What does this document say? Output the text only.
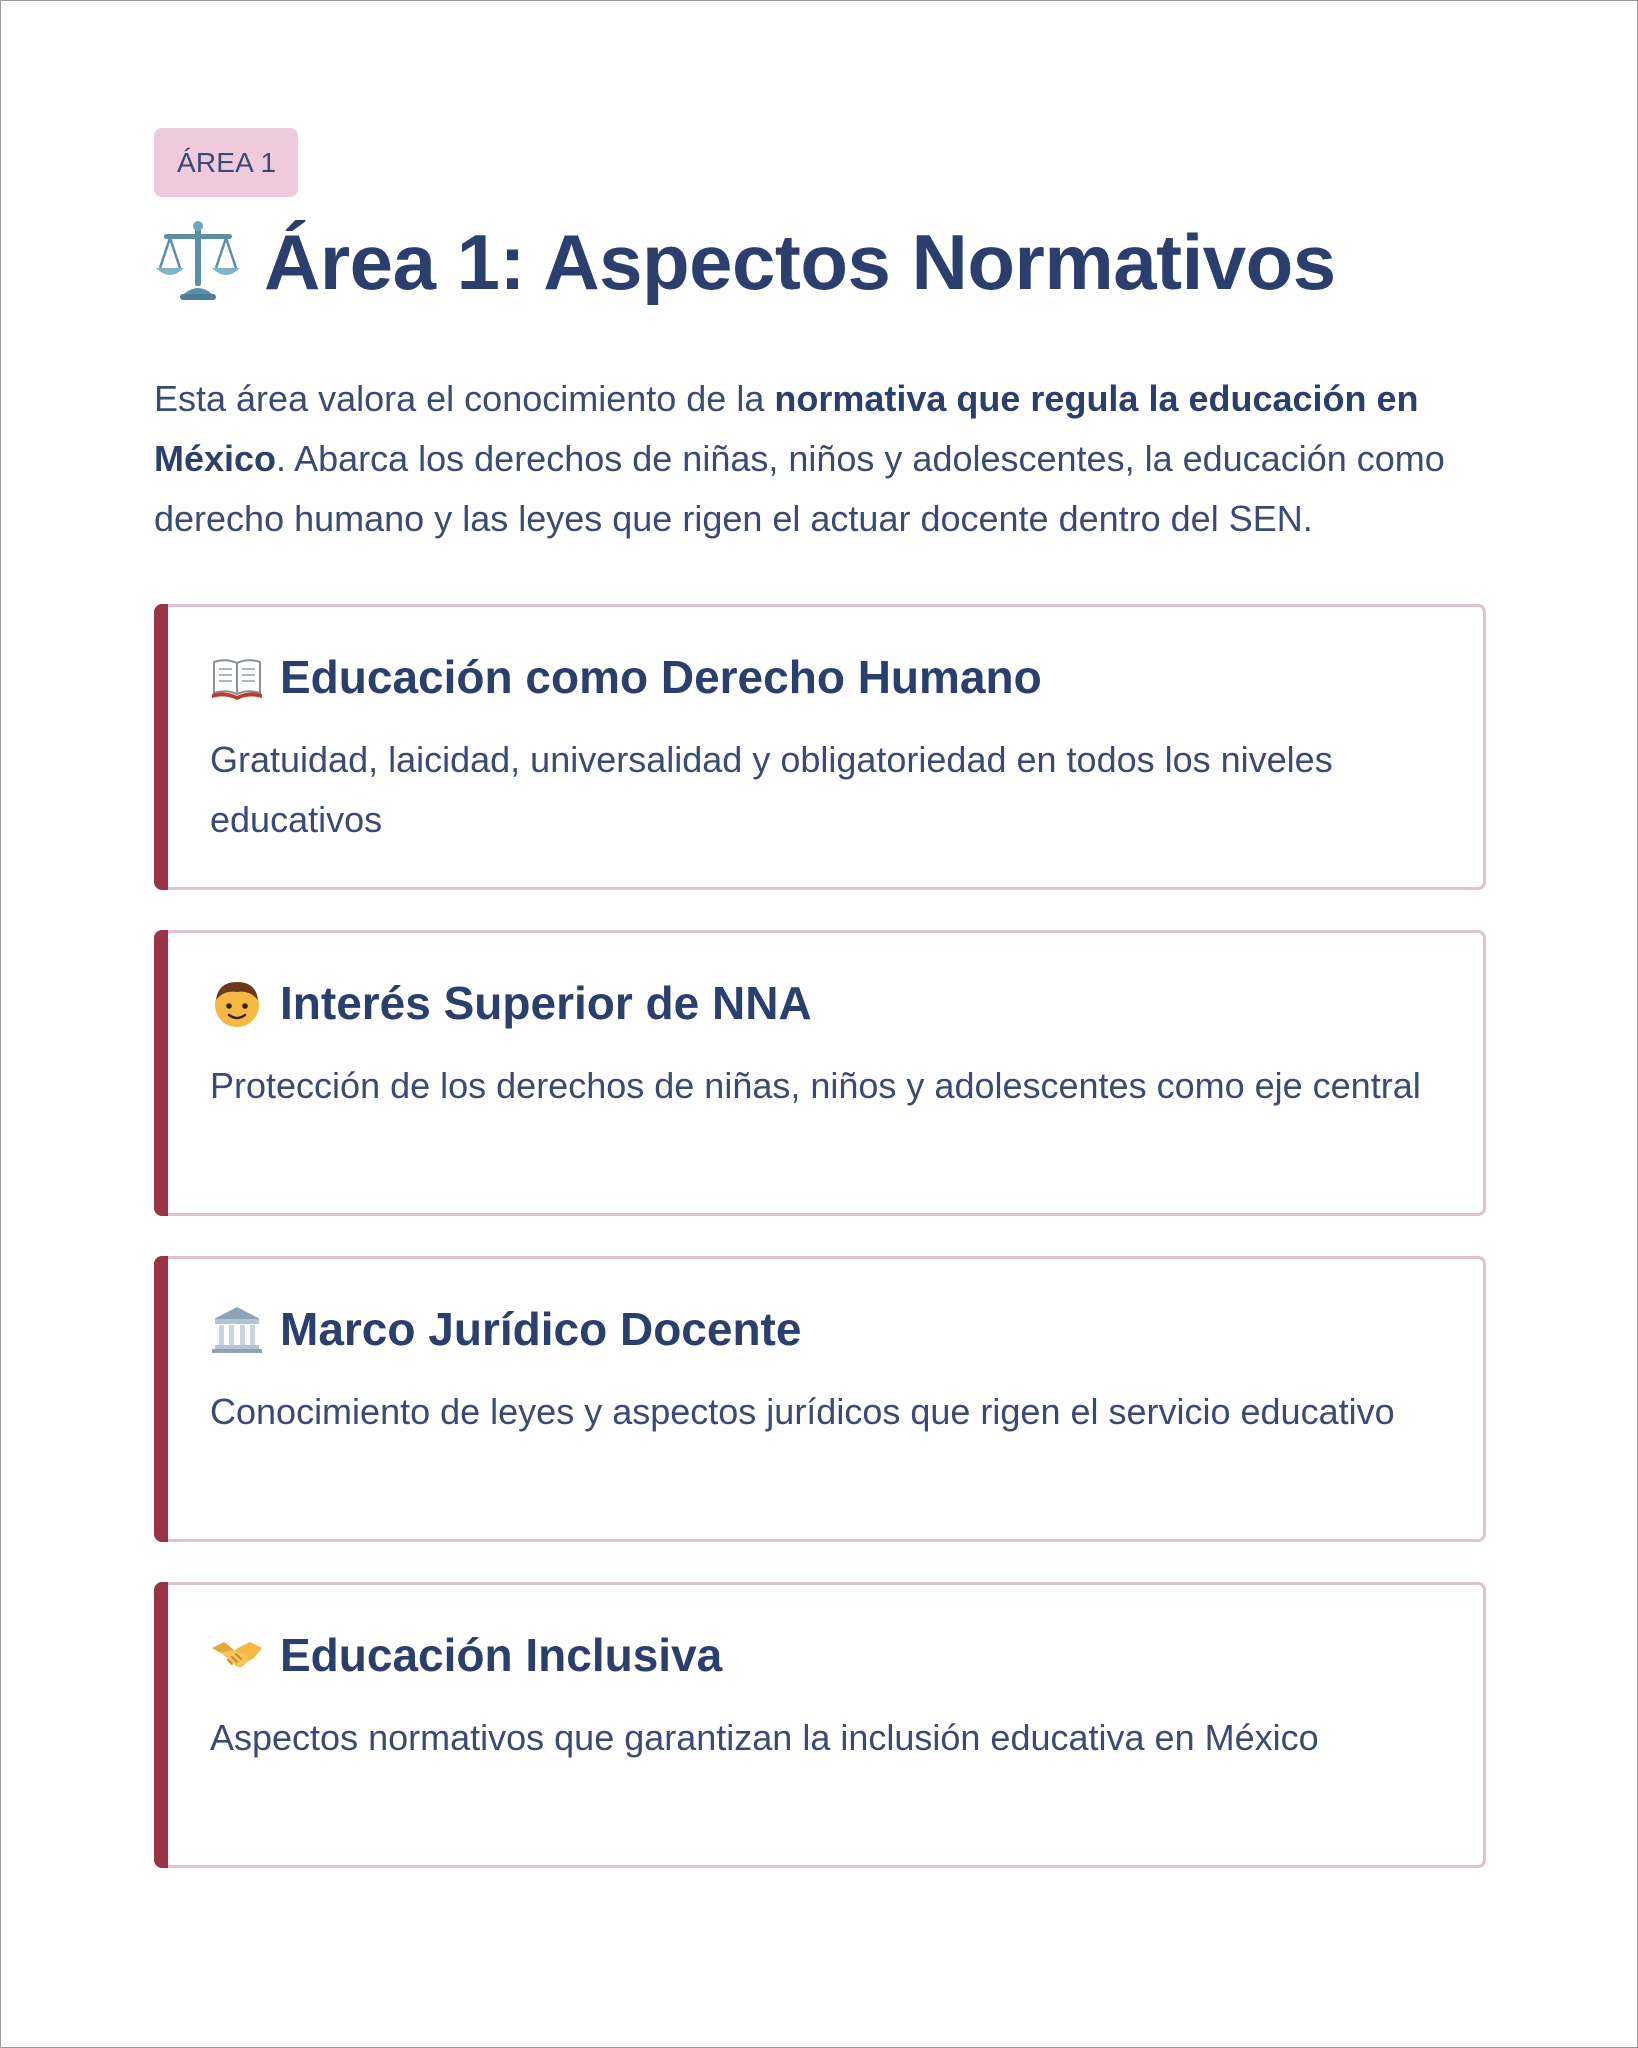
ÁREA 1
Área 1: Aspectos Normativos
Esta área valora el conocimiento de la normativa que regula la educación en México. Abarca los derechos de niñas, niños y adolescentes, la educación como derecho humano y las leyes que rigen el actuar docente dentro del SEN.
Educación como Derecho Humano
Gratuidad, laicidad, universalidad y obligatoriedad en todos los niveles educativos
Interés Superior de NNA
Protección de los derechos de niñas, niños y adolescentes como eje central
Marco Jurídico Docente
Conocimiento de leyes y aspectos jurídicos que rigen el servicio educativo
Educación Inclusiva
Aspectos normativos que garantizan la inclusión educativa en México
